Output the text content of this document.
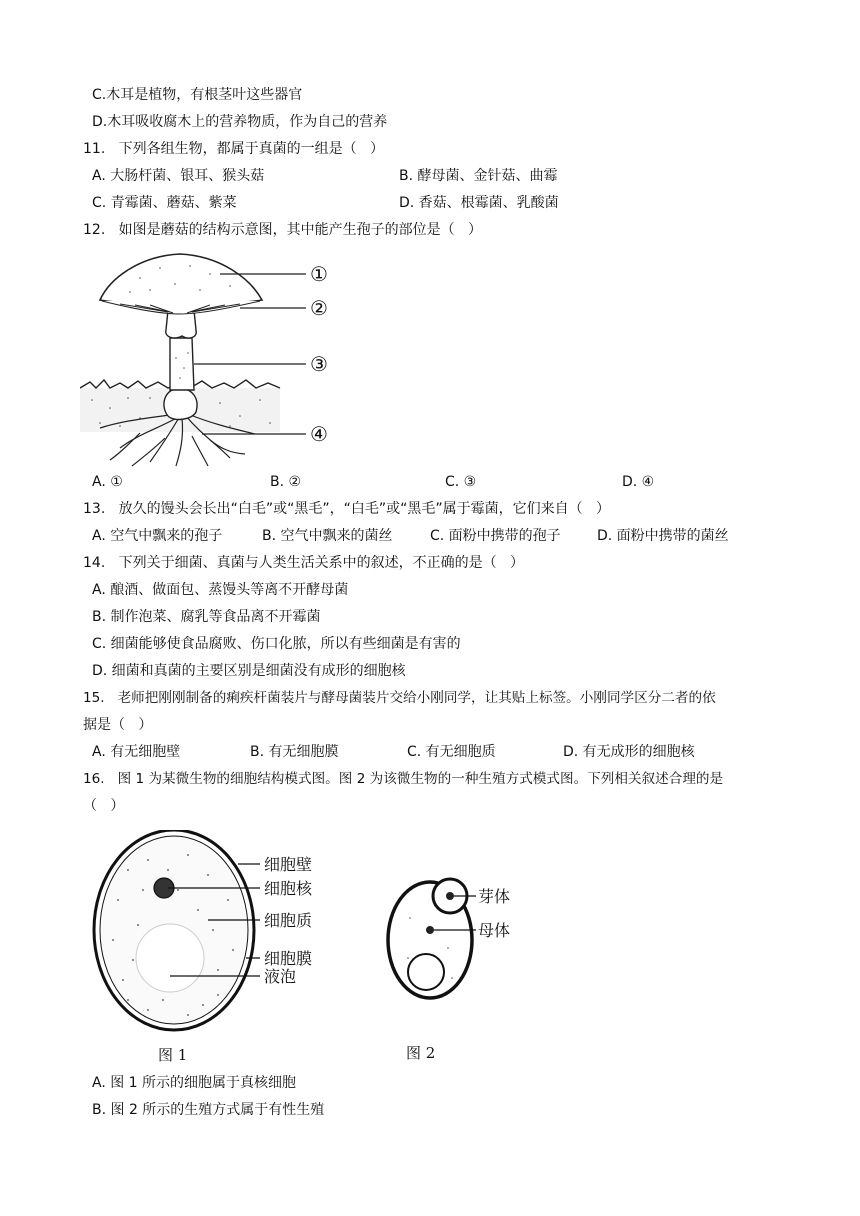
C.木耳是植物，有根茎叶这些器官
D.木耳吸收腐木上的营养物质，作为自己的营养
11.   下列各组生物，都属于真菌的一组是（   ）
A. 大肠杆菌、银耳、猴头菇	B. 酵母菌、金针菇、曲霉
C. 青霉菌、蘑菇、紫菜	D. 香菇、根霉菌、乳酸菌
12.   如图是蘑菇的结构示意图，其中能产生孢子的部位是（   ）
①
②
③
④
A. ①	B. ②	C. ③	D. ④
13.   放久的馒头会长出“白毛”或“黑毛”，“白毛”或“黑毛”属于霉菌，它们来自（   ）
A. 空气中飘来的孢子	B. 空气中飘来的菌丝	C. 面粉中携带的孢子	D. 面粉中携带的菌丝
14.   下列关于细菌、真菌与人类生活关系中的叙述，不正确的是（   ）
A. 酿酒、做面包、蒸馒头等离不开酵母菌
B. 制作泡菜、腐乳等食品离不开霉菌
C. 细菌能够使食品腐败、伤口化脓，所以有些细菌是有害的
D. 细菌和真菌的主要区别是细菌没有成形的细胞核
15.   老师把刚刚制备的痢疾杆菌装片与酵母菌装片交给小刚同学，让其贴上标签。小刚同学区分二者的依
据是（   ）
A. 有无细胞壁	B. 有无细胞膜	C. 有无细胞质	D. 有无成形的细胞核
16.   图 1 为某微生物的细胞结构模式图。图 2 为该微生物的一种生殖方式模式图。下列相关叙述合理的是
（   ）
细胞壁
细胞核
细胞质
细胞膜
液泡
图 1
芽体
母体
图 2
A. 图 1 所示的细胞属于真核细胞
B. 图 2 所示的生殖方式属于有性生殖
